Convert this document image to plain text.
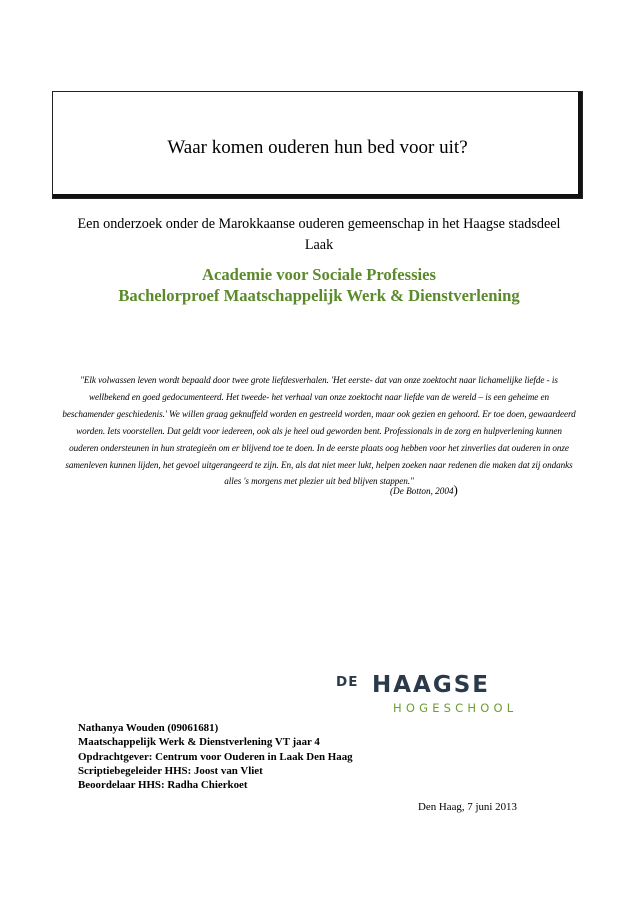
Waar komen ouderen hun bed voor uit?
Een onderzoek onder de Marokkaanse ouderen gemeenschap in het Haagse stadsdeel Laak
Academie voor Sociale Professies
Bachelorproef Maatschappelijk Werk & Dienstverlening
"Elk volwassen leven wordt bepaald door twee grote liefdesverhalen. 'Het eerste- dat van onze zoektocht naar lichamelijke liefde - is wellbekend en goed gedocumenteerd. Het tweede- het verhaal van onze zoektocht naar liefde van de wereld – is een geheime en beschamender geschiedenis.' We willen graag geknuffeld worden en gestreeld worden, maar ook gezien en gehoord. Er toe doen, gewaardeerd worden. Iets voorstellen. Dat geldt voor iedereen, ook als je heel oud geworden bent. Professionals in de zorg en hulpverlening kunnen ouderen ondersteunen in hun strategieën om er blijvend toe te doen. In de eerste plaats oog hebben voor het zinverlies dat ouderen in onze samenleven kunnen lijden, het gevoel uitgerangeerd te zijn. En, als dat niet meer lukt, helpen zoeken naar redenen die maken dat zij ondanks alles 's morgens met plezier uit bed blijven stappen."
(De Botton, 2004)
DE HAAGSE
HOGESCHOOL
Nathanya Wouden (09061681)
Maatschappelijk Werk & Dienstverlening VT jaar 4
Opdrachtgever: Centrum voor Ouderen in Laak Den Haag
Scriptiebegeleider HHS: Joost van Vliet
Beoordelaar HHS: Radha Chierkoet
Den Haag, 7 juni 2013
